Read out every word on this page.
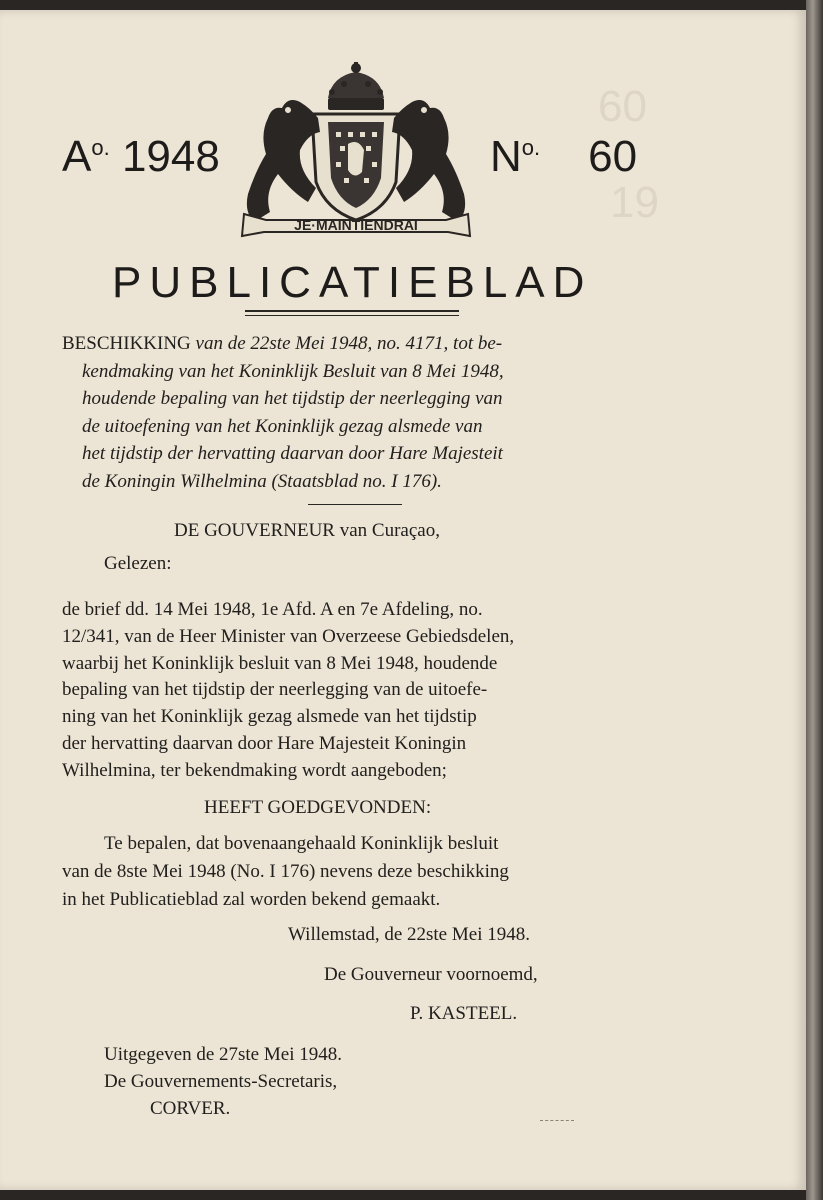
60
19
$A^{o.}$ 1948
JE·MAINTIENDRAI
$N^{o.}$ 60
PUBLICATIEBLAD
BESCHIKKING van de 22ste Mei 1948, no. 4171, tot be-
kendmaking van het Koninklijk Besluit van 8 Mei 1948,
houdende bepaling van het tijdstip der neerlegging van
de uitoefening van het Koninklijk gezag alsmede van
het tijdstip der hervatting daarvan door Hare Majesteit
de Koningin Wilhelmina (Staatsblad no. I 176).
DE GOUVERNEUR van Curaçao,
Gelezen:
de brief dd. 14 Mei 1948, 1e Afd. A en 7e Afdeling, no.
12/341, van de Heer Minister van Overzeese Gebiedsdelen,
waarbij het Koninklijk besluit van 8 Mei 1948, houdende
bepaling van het tijdstip der neerlegging van de uitoefe-
ning van het Koninklijk gezag alsmede van het tijdstip
der hervatting daarvan door Hare Majesteit Koningin
Wilhelmina, ter bekendmaking wordt aangeboden;
HEEFT GOEDGEVONDEN:
Te bepalen, dat bovenaangehaald Koninklijk besluit
van de 8ste Mei 1948 (No. I 176) nevens deze beschikking
in het Publicatieblad zal worden bekend gemaakt.
Willemstad, de 22ste Mei 1948.
De Gouverneur voornoemd,
P. KASTEEL.
Uitgegeven de 27ste Mei 1948.
De Gouvernements-Secretaris,
CORVER.
